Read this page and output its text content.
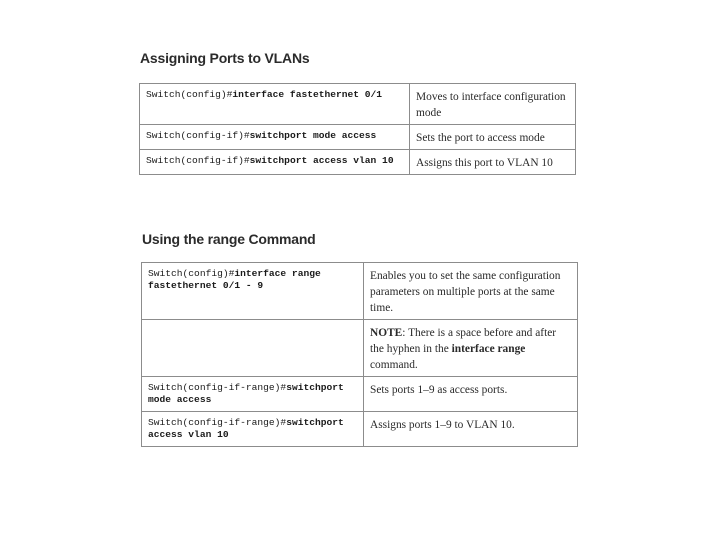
Assigning Ports to VLANs
Switch(config)#interface fastethernet 0/1	Moves to interface configuration mode
Switch(config-if)#switchport mode access	Sets the port to access mode
Switch(config-if)#switchport access vlan 10	Assigns this port to VLAN 10
Using the range Command
Switch(config)#interface range fastethernet 0/1 - 9	Enables you to set the same configuration parameters on multiple ports at the same time.
	NOTE: There is a space before and after the hyphen in the interface range command.
Switch(config-if-range)#switchport mode access	Sets ports 1–9 as access ports.
Switch(config-if-range)#switchport access vlan 10	Assigns ports 1–9 to VLAN 10.
